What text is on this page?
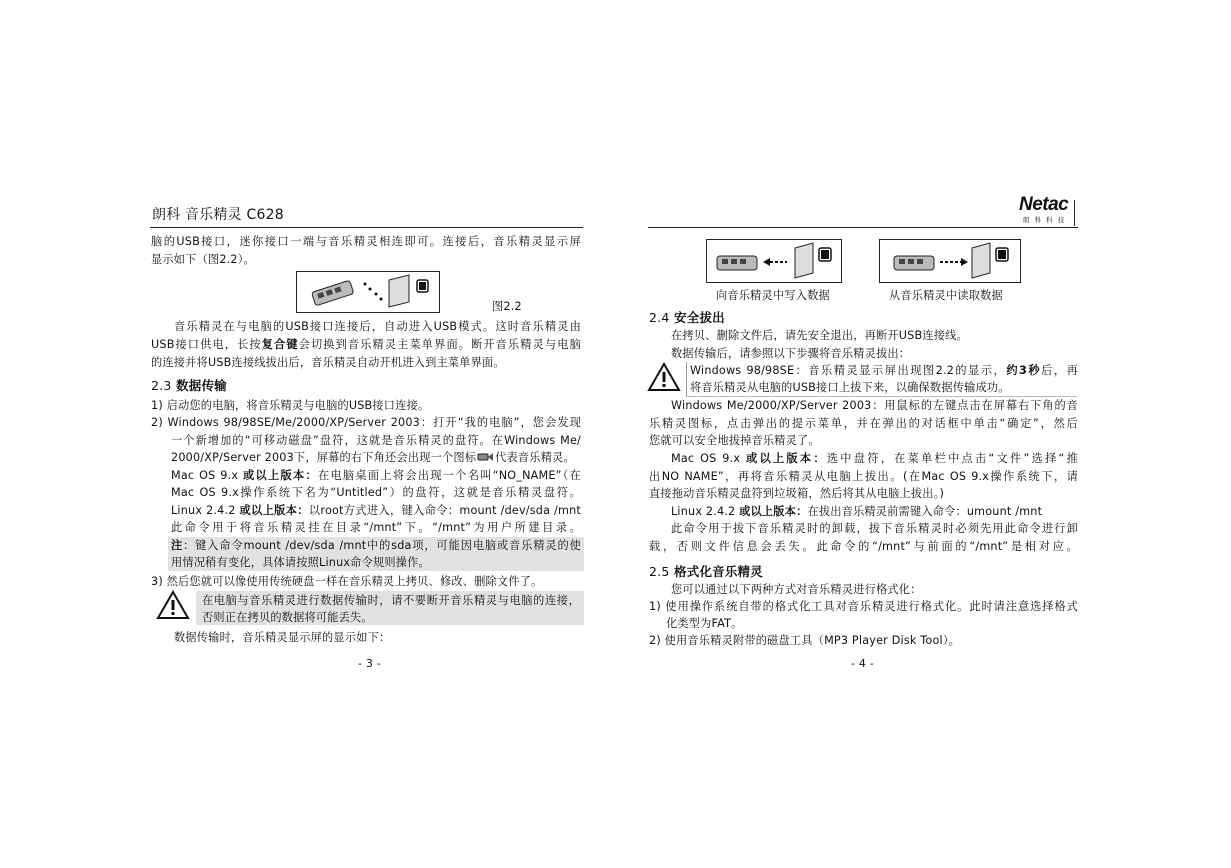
朗科 音乐精灵 C628
脑的USB接口，迷你接口一端与音乐精灵相连即可。连接后，音乐精灵显示屏
显示如下（图2.2）。
图2.2
音乐精灵在与电脑的USB接口连接后，自动进入USB模式。这时音乐精灵由
USB接口供电，长按复合键会切换到音乐精灵主菜单界面。断开音乐精灵与电脑
的连接并将USB连接线拔出后，音乐精灵自动开机进入到主菜单界面。
2.3 数据传输
1) 启动您的电脑，将音乐精灵与电脑的USB接口连接。
2) Windows 98/98SE/Me/2000/XP/Server 2003：打开“我的电脑”，您会发现
一个新增加的“可移动磁盘”盘符，这就是音乐精灵的盘符。在Windows Me/
2000/XP/Server 2003下，屏幕的右下角还会出现一个图标 代表音乐精灵。
Mac OS 9.x 或以上版本：在电脑桌面上将会出现一个名叫“NO_NAME”（在
Mac OS 9.x操作系统下名为“Untitled”）的盘符，这就是音乐精灵盘符。
Linux 2.4.2 或以上版本：以root方式进入，键入命令：mount /dev/sda /mnt
此命令用于将音乐精灵挂在目录“/mnt”下。“/mnt”为用户所建目录。
注：键入命令mount /dev/sda /mnt中的sda项，可能因电脑或音乐精灵的使
用情况稍有变化，具体请按照Linux命令规则操作。
3) 然后您就可以像使用传统硬盘一样在音乐精灵上拷贝、修改、删除文件了。
在电脑与音乐精灵进行数据传输时，请不要断开音乐精灵与电脑的连接，
否则正在拷贝的数据将可能丢失。
数据传输时，音乐精灵显示屏的显示如下：
- 3 -
Netac
朗 科 科 技
向音乐精灵中写入数据	从音乐精灵中读取数据
2.4 安全拔出
在拷贝、删除文件后，请先安全退出，再断开USB连接线。
数据传输后，请参照以下步骤将音乐精灵拔出：
Windows 98/98SE：音乐精灵显示屏出现图2.2的显示，约3秒后，再
将音乐精灵从电脑的USB接口上拔下来，以确保数据传输成功。
Windows Me/2000/XP/Server 2003：用鼠标的左键点击在屏幕右下角的音
乐精灵图标，点击弹出的提示菜单，并在弹出的对话框中单击“确定”，然后
您就可以安全地拔掉音乐精灵了。
Mac OS 9.x 或以上版本：选中盘符，在菜单栏中点击“文件”选择“推
出NO NAME”，再将音乐精灵从电脑上拔出。(在Mac OS 9.x操作系统下，请
直接拖动音乐精灵盘符到垃圾箱，然后将其从电脑上拔出。)
Linux 2.4.2 或以上版本：在拔出音乐精灵前需键入命令：umount /mnt
此命令用于拔下音乐精灵时的卸载，拔下音乐精灵时必须先用此命令进行卸
载，否则文件信息会丢失。此命令的“/mnt”与前面的“/mnt”是相对应。
2.5 格式化音乐精灵
您可以通过以下两种方式对音乐精灵进行格式化：
1) 使用操作系统自带的格式化工具对音乐精灵进行格式化。此时请注意选择格式
化类型为FAT。
2) 使用音乐精灵附带的磁盘工具（MP3 Player Disk Tool）。
- 4 -
